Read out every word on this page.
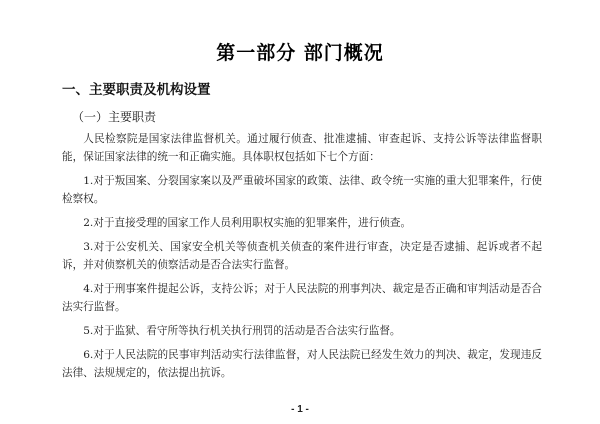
第一部分 部门概况
一、主要职责及机构设置
（一）主要职责

人民检察院是国家法律监督机关。通过履行侦查、批准逮捕、审查起诉、支持公诉等法律监督职能，保证国家法律的统一和正确实施。具体职权包括如下七个方面：

1.对于叛国案、分裂国家案以及严重破坏国家的政策、法律、政令统一实施的重大犯罪案件，行使检察权。

2.对于直接受理的国家工作人员利用职权实施的犯罪案件，进行侦查。

3.对于公安机关、国家安全机关等侦查机关侦查的案件进行审查，决定是否逮捕、起诉或者不起诉，并对侦察机关的侦察活动是否合法实行监督。

4.对于刑事案件提起公诉，支持公诉；对于人民法院的刑事判决、裁定是否正确和审判活动是否合法实行监督。

5.对于监狱、看守所等执行机关执行刑罚的活动是否合法实行监督。

6.对于人民法院的民事审判活动实行法律监督，对人民法院已经发生效力的判决、裁定，发现违反法律、法规规定的，依法提出抗诉。

- 1 -
